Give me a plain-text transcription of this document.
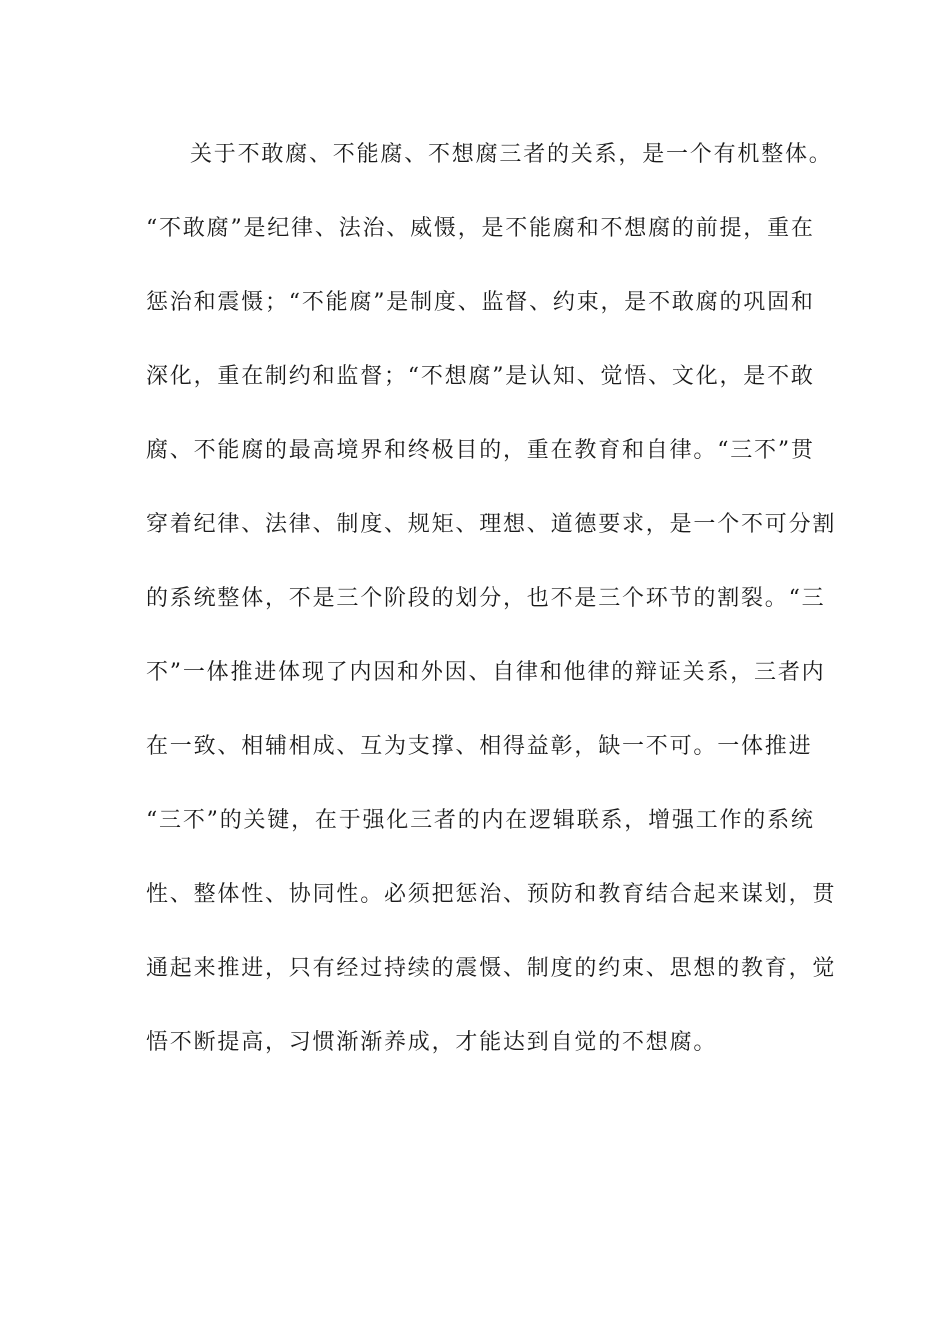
关于不敢腐、不能腐、不想腐三者的关系，是一个有机整体。
“不敢腐”是纪律、法治、威慑，是不能腐和不想腐的前提，重在
惩治和震慑；“不能腐”是制度、监督、约束，是不敢腐的巩固和
深化，重在制约和监督；“不想腐”是认知、觉悟、文化，是不敢
腐、不能腐的最高境界和终极目的，重在教育和自律。“三不”贯
穿着纪律、法律、制度、规矩、理想、道德要求，是一个不可分割
的系统整体，不是三个阶段的划分，也不是三个环节的割裂。“三
不”一体推进体现了内因和外因、自律和他律的辩证关系，三者内
在一致、相辅相成、互为支撑、相得益彰，缺一不可。一体推进
“三不”的关键，在于强化三者的内在逻辑联系，增强工作的系统
性、整体性、协同性。必须把惩治、预防和教育结合起来谋划，贯
通起来推进，只有经过持续的震慑、制度的约束、思想的教育，觉
悟不断提高，习惯渐渐养成，才能达到自觉的不想腐。
